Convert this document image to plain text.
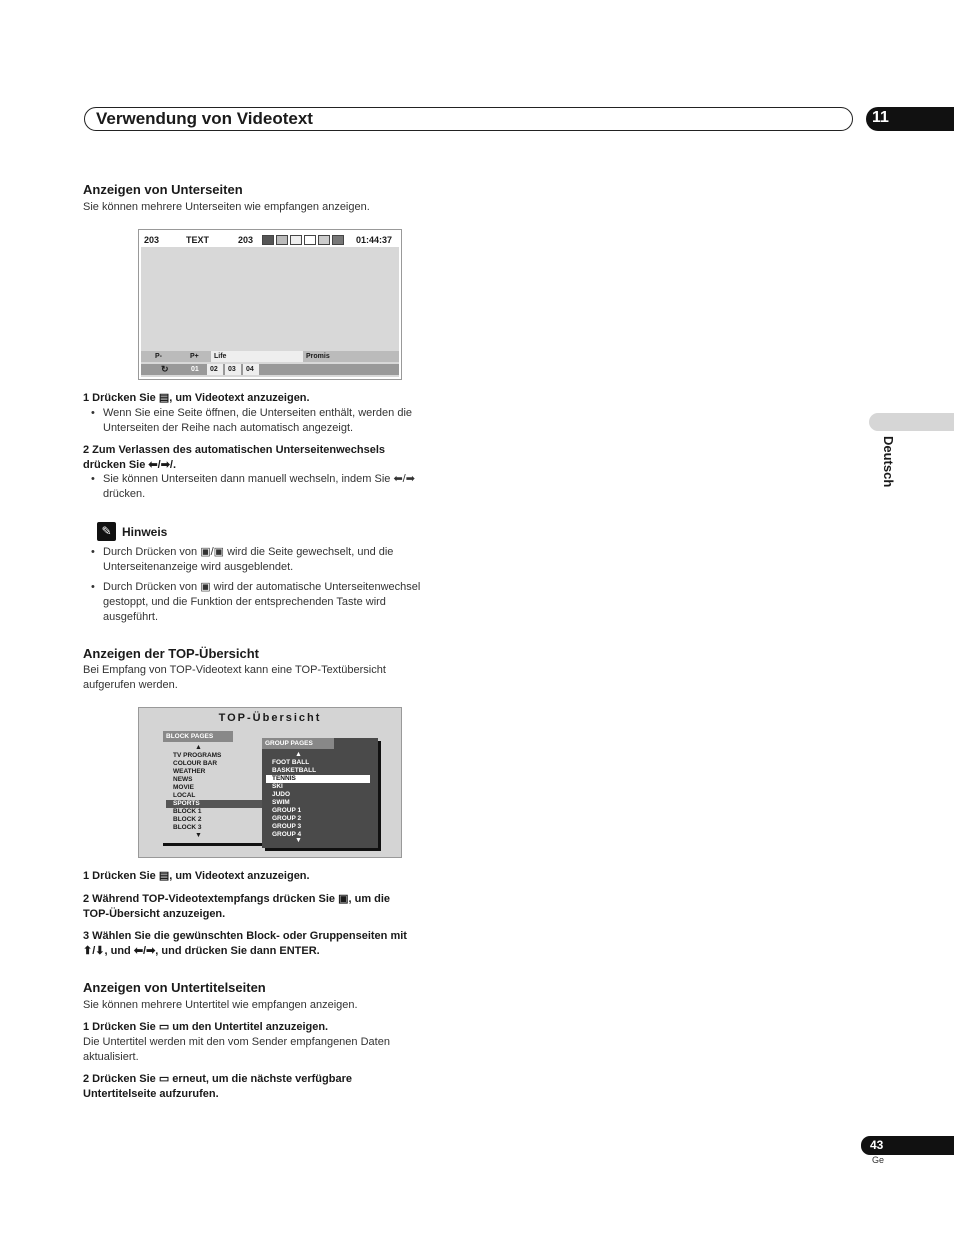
Verwendung von Videotext	11
Deutsch
Anzeigen von Unterseiten
Sie können mehrere Unterseiten wie empfangen anzeigen.
203	TEXT	203	01:44:37
P-	P+ Life	Promis
↻	01 02 03 04
1 Drücken Sie ▤, um Videotext anzuzeigen.
• Wenn Sie eine Seite öffnen, die Unterseiten enthält, werden die Unterseiten der Reihe nach automatisch angezeigt.
2 Zum Verlassen des automatischen Unterseitenwechsels
drücken Sie ⬅/➡/.
• Sie können Unterseiten dann manuell wechseln, indem Sie ⬅/➡
drücken.
✎ Hinweis
• Durch Drücken von ▣/▣ wird die Seite gewechselt, und die
Unterseitenanzeige wird ausgeblendet.
• Durch Drücken von ▣ wird der automatische Unterseitenwechsel
gestoppt, und die Funktion der entsprechenden Taste wird
ausgeführt.
Anzeigen der TOP-Übersicht
Bei Empfang von TOP-Videotext kann eine TOP-Textübersicht
aufgerufen werden.
TOP-Übersicht
BLOCK PAGES
▲
TV PROGRAMS
COLOUR BAR
WEATHER
NEWS
MOVIE
LOCAL
SPORTS
BLOCK 1
BLOCK 2
BLOCK 3
▼
GROUP PAGES
▲
FOOT BALL
BASKETBALL
TENNIS
SKI
JUDO
SWIM
GROUP 1
GROUP 2
GROUP 3
GROUP 4
▼
1 Drücken Sie ▤, um Videotext anzuzeigen.
2 Während TOP-Videotextempfangs drücken Sie ▣, um die
TOP-Übersicht anzuzeigen.
3 Wählen Sie die gewünschten Block- oder Gruppenseiten mit
⬆/⬇, und ⬅/➡, und drücken Sie dann ENTER.
Anzeigen von Untertitelseiten
Sie können mehrere Untertitel wie empfangen anzeigen.
1 Drücken Sie ▭ um den Untertitel anzuzeigen.
Die Untertitel werden mit den vom Sender empfangenen Daten
aktualisiert.
2 Drücken Sie ▭ erneut, um die nächste verfügbare
Untertitelseite aufzurufen.
43
Ge
